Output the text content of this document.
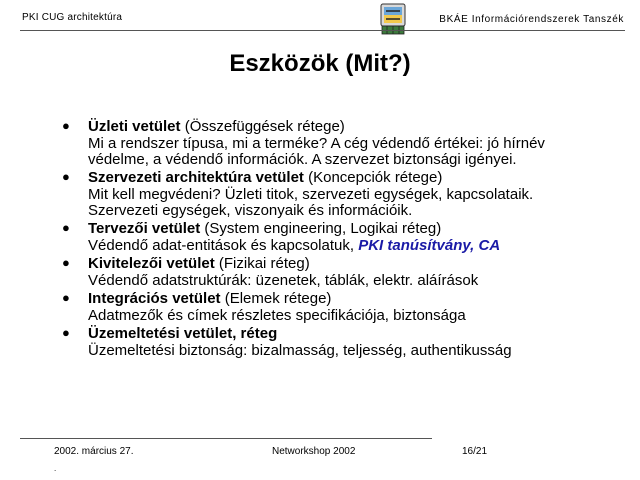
PKI CUG architektúra	BKÁE Információrendszerek Tanszék
Eszközök (Mit?)
● Üzleti vetület (Összefüggések rétege)
Mi a rendszer típusa, mi a terméke? A cég védendő értékei: jó hírnév védelme, a védendő információk. A szervezet biztonsági igényei.
● Szervezeti architektúra vetület (Koncepciók rétege)
Mit kell megvédeni? Üzleti titok, szervezeti egységek, kapcsolataik. Szervezeti egységek, viszonyaik és információik.
● Tervezői vetület (System engineering, Logikai réteg)
Védendő adat-entitások és kapcsolatuk, PKI tanúsítvány, CA
● Kivitelezői vetület (Fizikai réteg)
Védendő adatstruktúrák: üzenetek, táblák, elektr. aláírások
● Integrációs vetület (Elemek rétege)
Adatmezők és címek részletes specifikációja, biztonsága
● Üzemeltetési vetület, réteg
Üzemeltetési biztonság: bizalmasság, teljesség, authentikusság
2002. március 27.	Networkshop 2002	16/21
.
